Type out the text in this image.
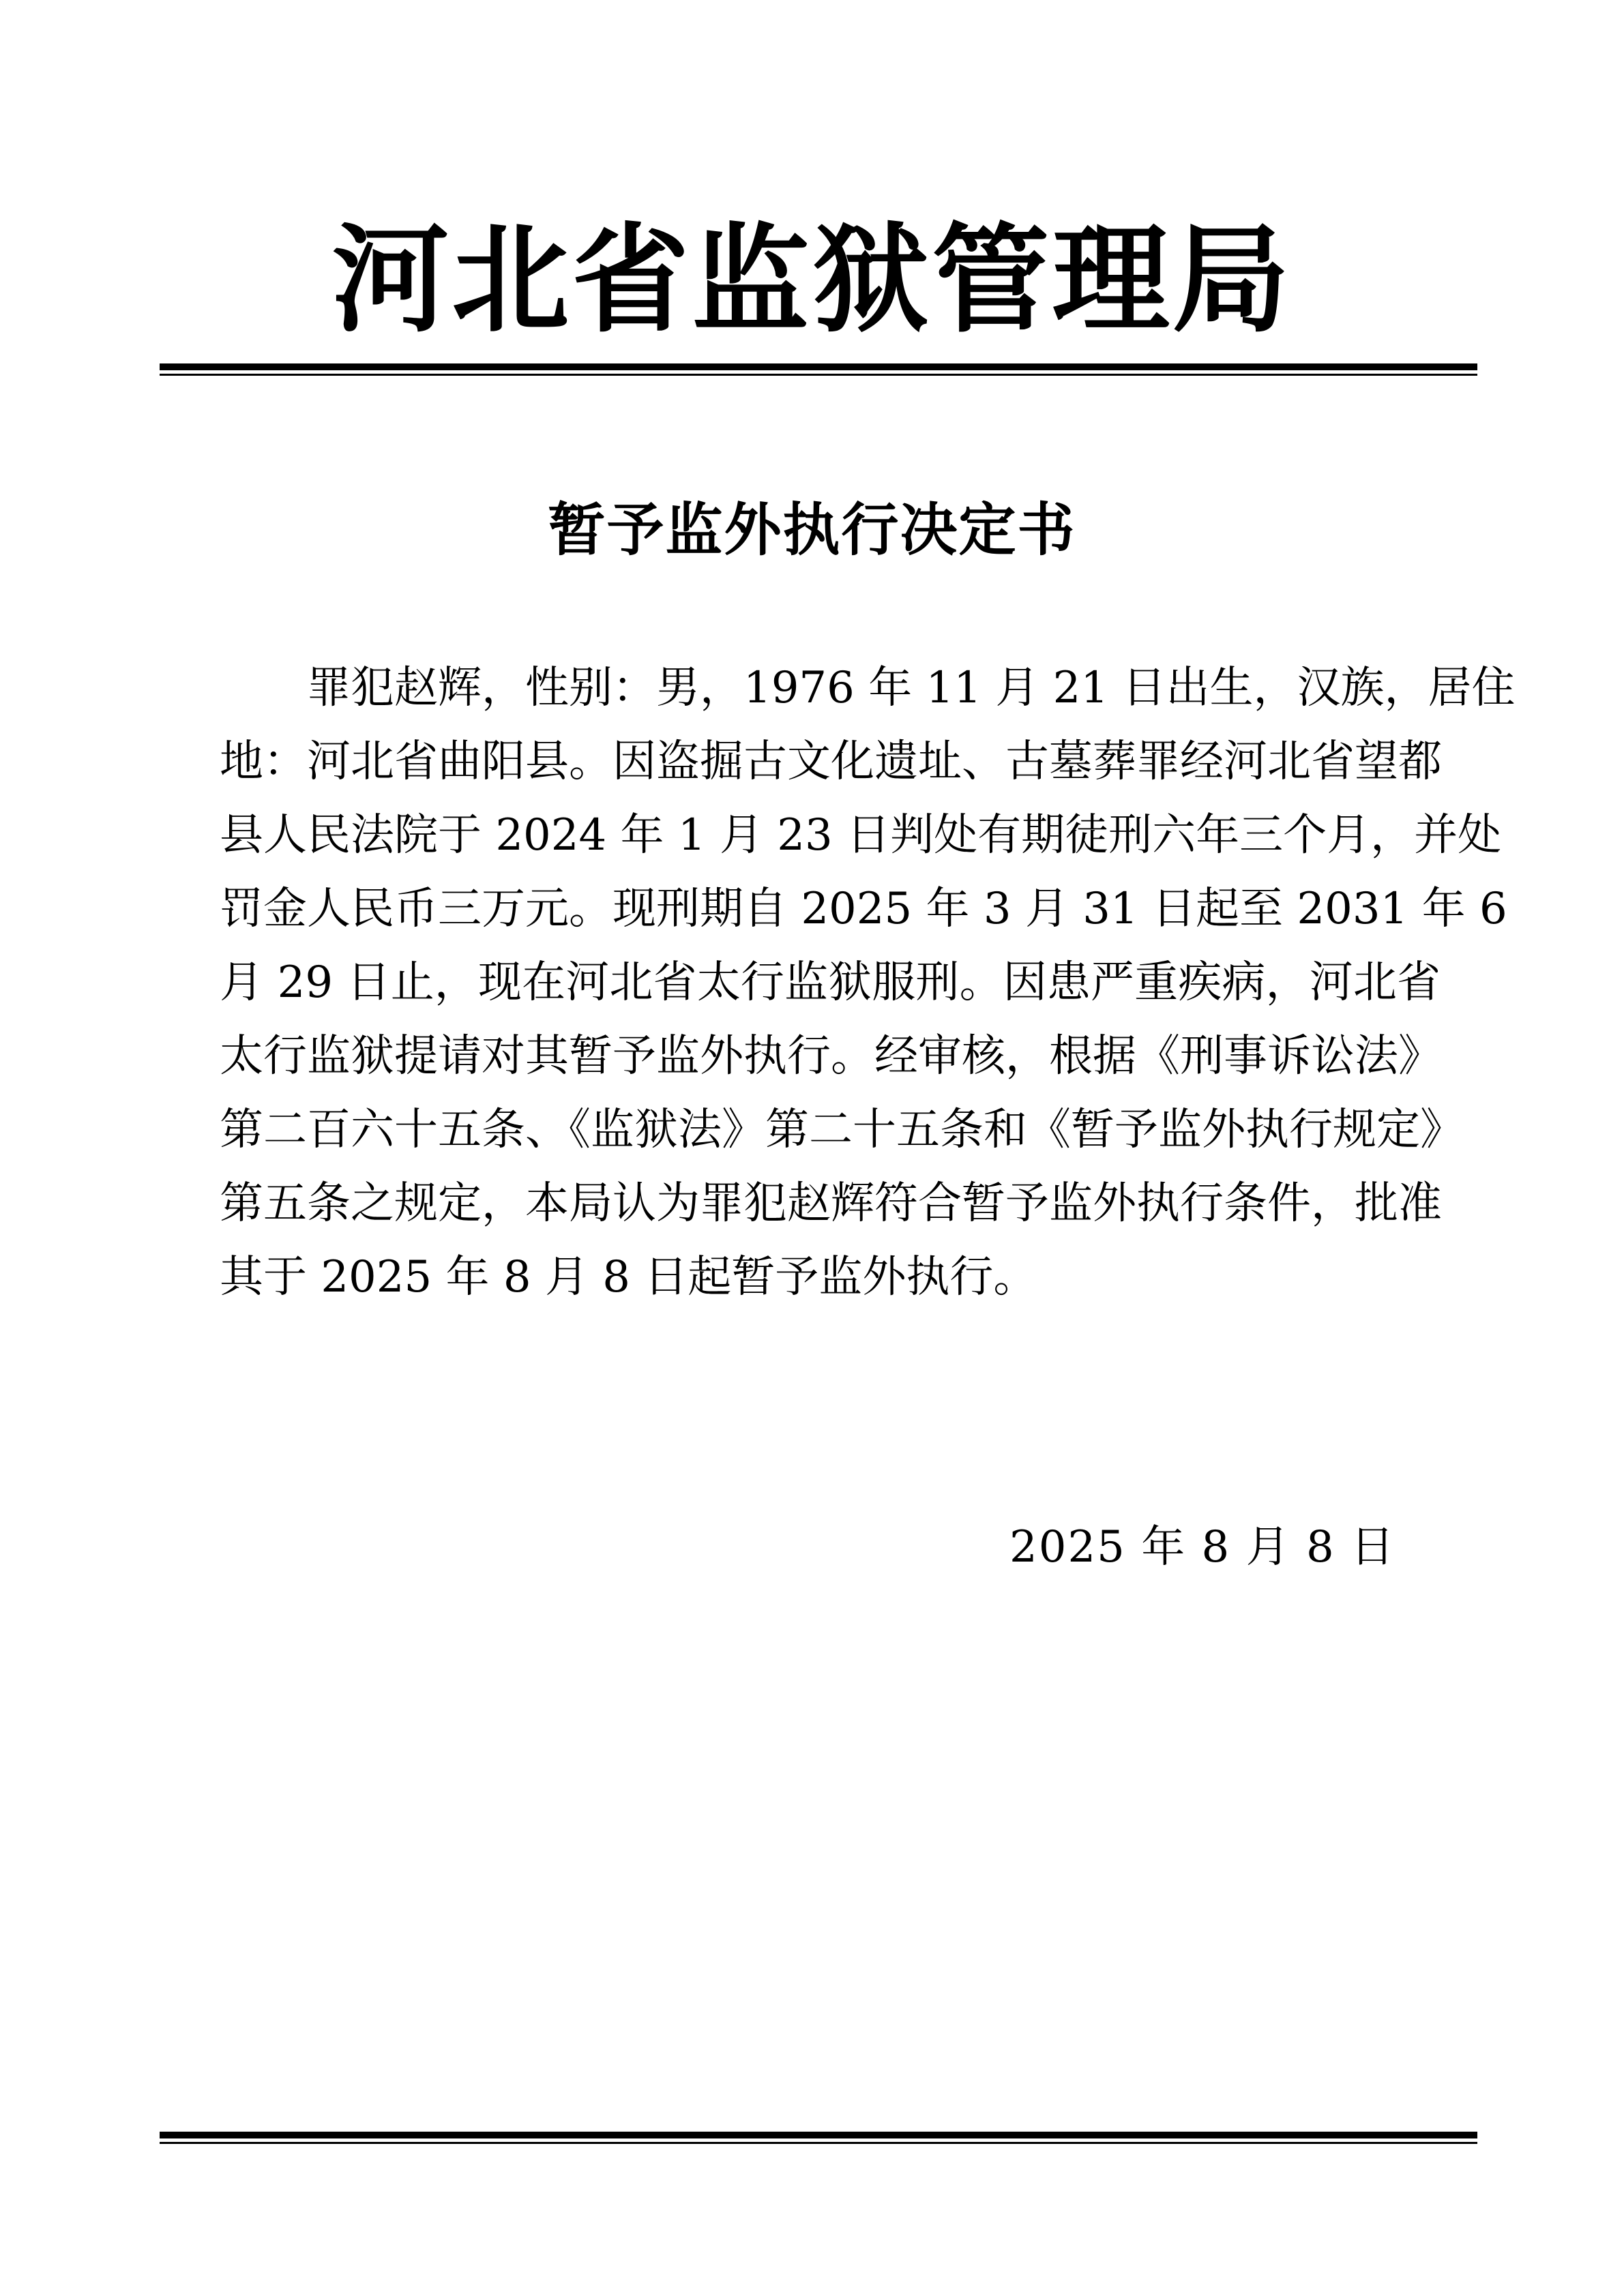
河北省监狱管理局
暂予监外执行决定书
罪犯赵辉，性别：男，1976 年 11 月 21 日出生，汉族，居住
地：河北省曲阳县。因盗掘古文化遗址、古墓葬罪经河北省望都
县人民法院于 2024 年 1 月 23 日判处有期徒刑六年三个月，并处
罚金人民币三万元。现刑期自 2025 年 3 月 31 日起至 2031 年 6
月 29 日止，现在河北省太行监狱服刑。因患严重疾病，河北省
太行监狱提请对其暂予监外执行。经审核，根据《刑事诉讼法》
第二百六十五条、《监狱法》第二十五条和《暂予监外执行规定》
第五条之规定，本局认为罪犯赵辉符合暂予监外执行条件，批准
其于 2025 年 8 月 8 日起暂予监外执行。
2025 年 8 月 8 日
